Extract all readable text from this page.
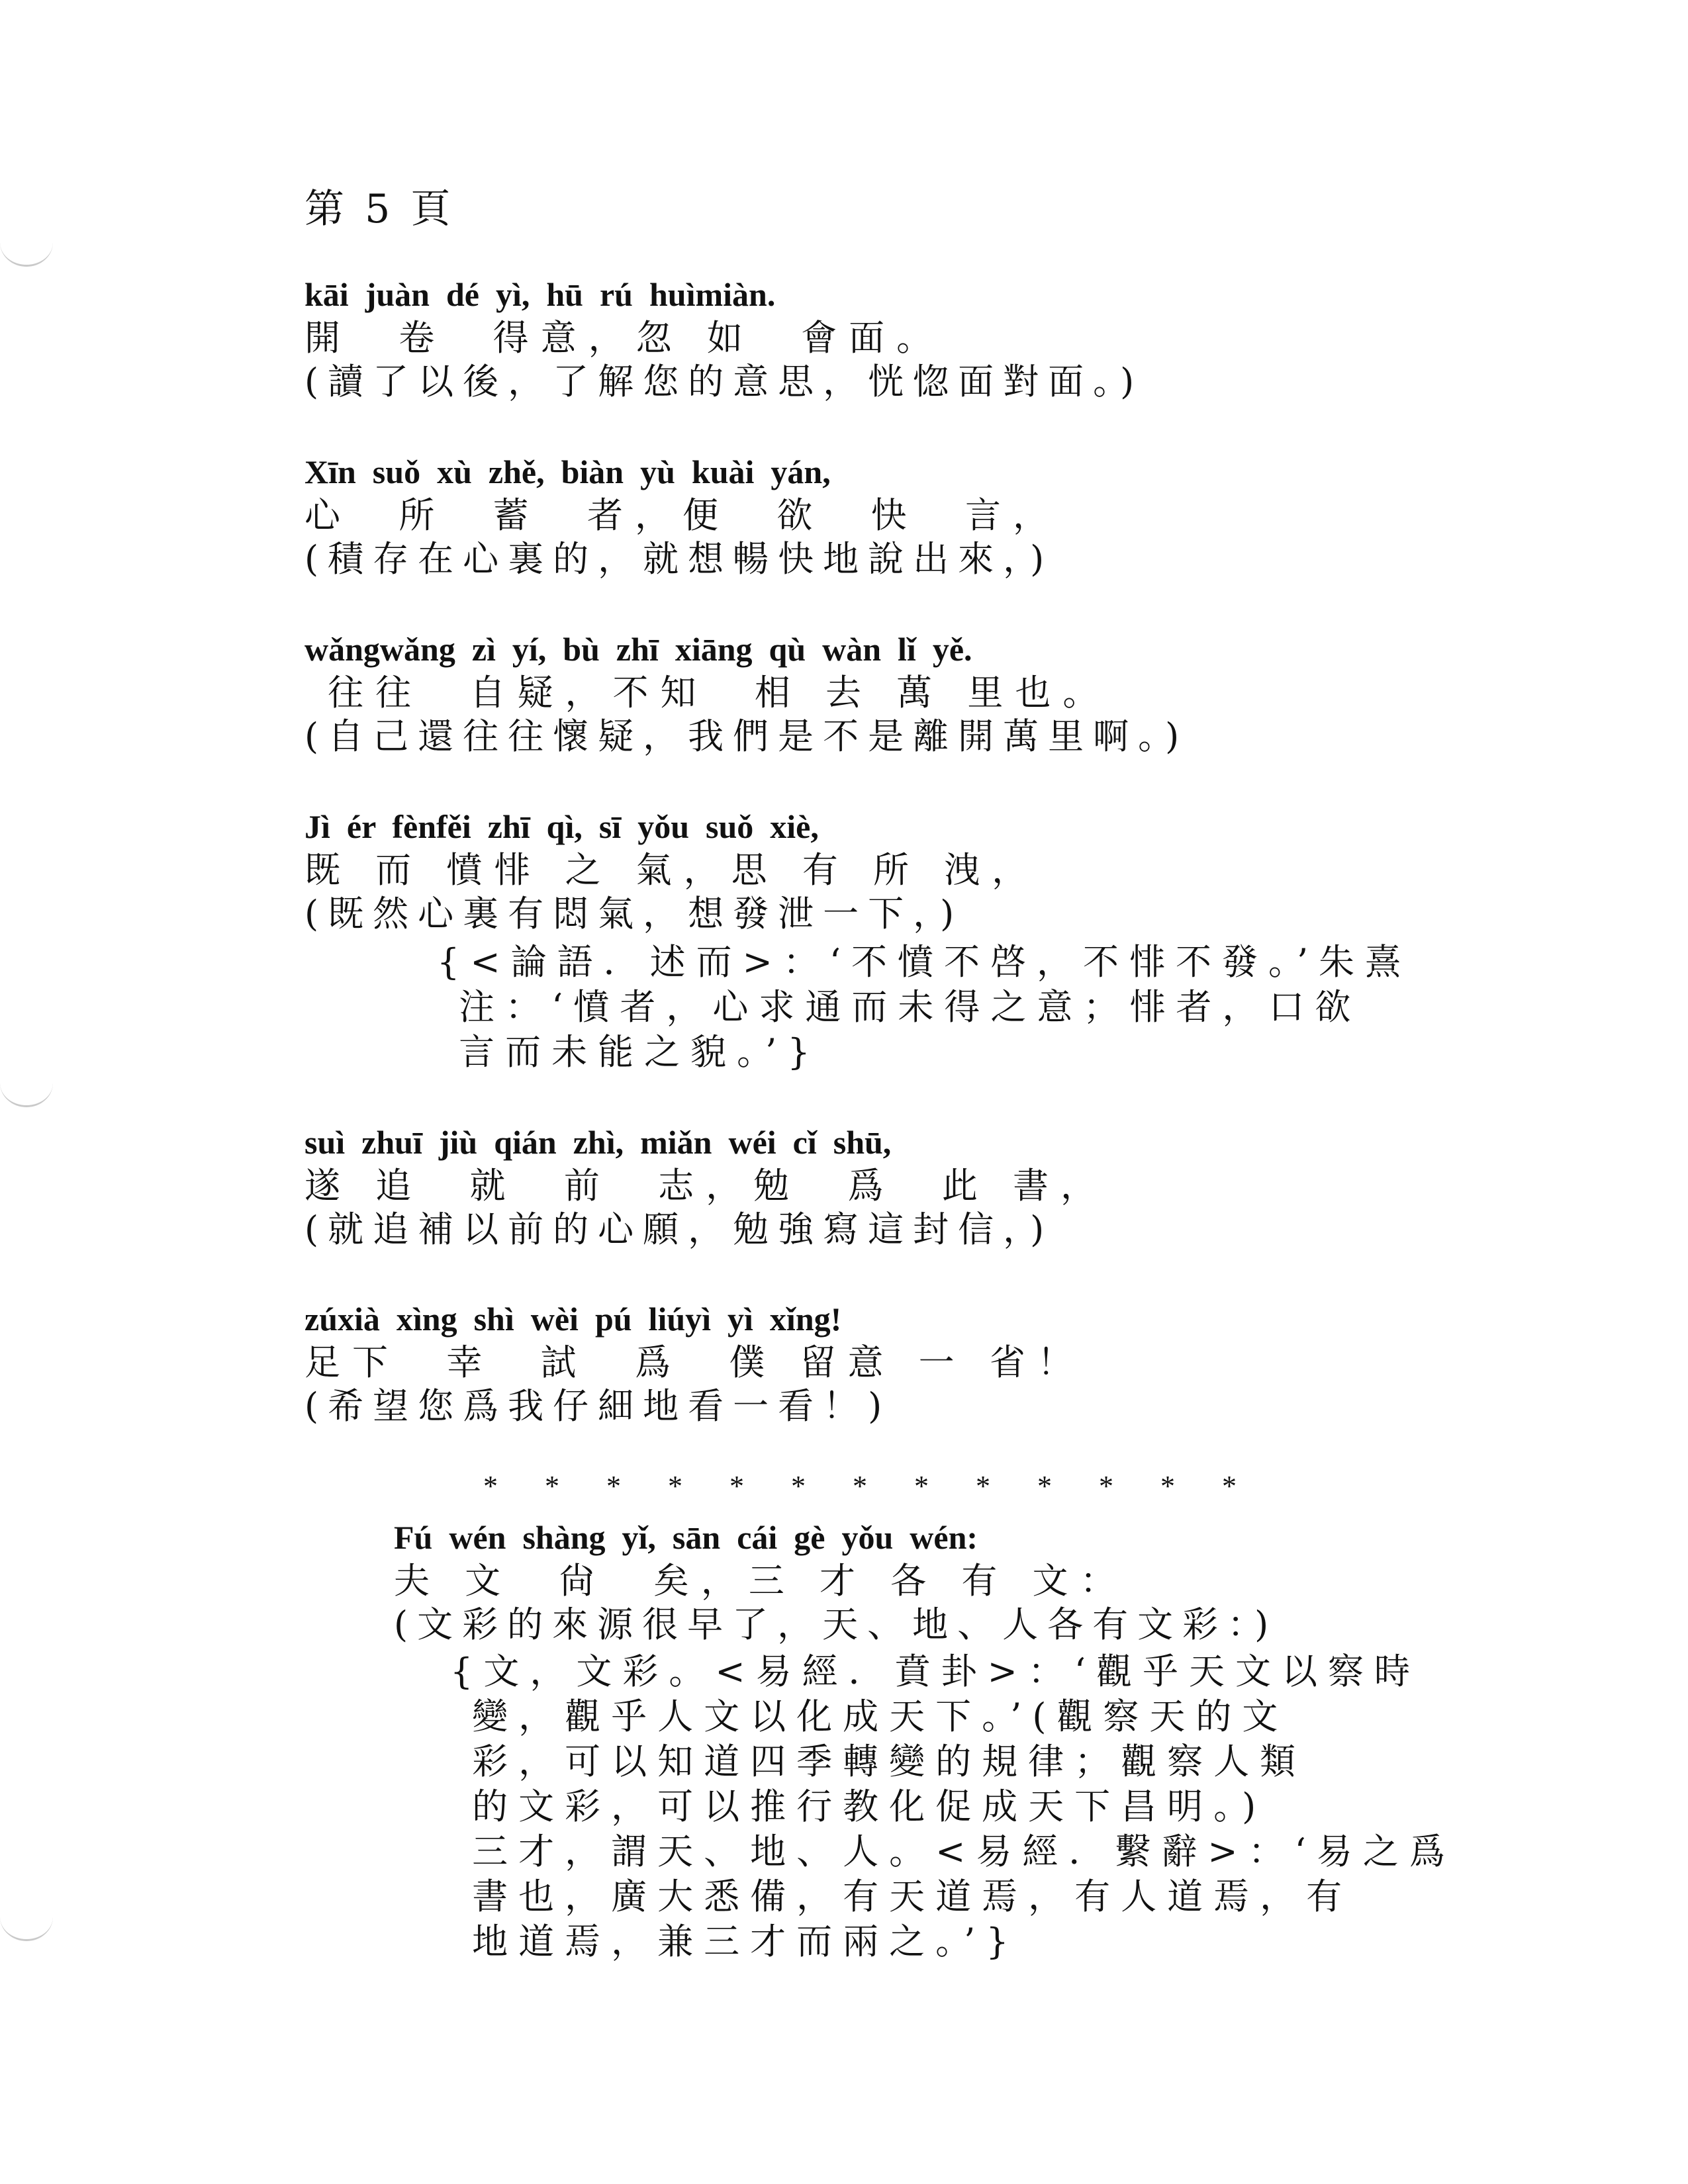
第 5 頁
kāi  juàn  dé  yì,  hū  rú  huìmiàn.
開  卷  得意，忽 如  會面。
(讀了以後，了解您的意思，恍惚面對面。)
Xīn  suǒ  xù  zhě,  biàn  yù  kuài  yán,
心  所  蓄  者，便  欲  快  言，
(積存在心裏的，就想暢快地說出來，)
wǎngwǎng  zì  yí,  bù  zhī  xiāng  qù  wàn  lǐ  yě.
往往  自疑，不知  相 去 萬 里也。
(自己還往往懷疑，我們是不是離開萬里啊。)
Jì  ér  fènfěi  zhī  qì,  sī  yǒu  suǒ  xiè,
既 而 憤悱 之 氣，思 有 所 洩，
(既然心裏有悶氣，想發泄一下，)
{<論語．述而>：‘不憤不啓，不悱不發。’朱熹
注：‘憤者，心求通而未得之意；悱者，口欲
言而未能之貌。’}
suì  zhuī  jiù  qián  zhì,  miǎn  wéi  cǐ  shū,
遂 追  就  前  志，勉  爲  此 書，
(就追補以前的心願，勉強寫這封信，)
zúxià  xìng  shì  wèi  pú  liúyì  yì  xǐng!
足下  幸  試  爲  僕 留意 一 省！
(希望您爲我仔細地看一看！)
* * * * * * * * * * * * *
Fú  wén  shàng  yǐ,  sān  cái  gè  yǒu  wén:
夫 文  尙  矣，三 才 各 有 文：
(文彩的來源很早了，天、地、人各有文彩：)
{文，文彩。<易經．賁卦>：‘觀乎天文以察時
變，觀乎人文以化成天下。’(觀察天的文
彩，可以知道四季轉變的規律；觀察人類
的文彩，可以推行教化促成天下昌明。)
三才，謂天、地、人。<易經．繫辭>：‘易之爲
書也，廣大悉備，有天道焉，有人道焉，有
地道焉，兼三才而兩之。’}
